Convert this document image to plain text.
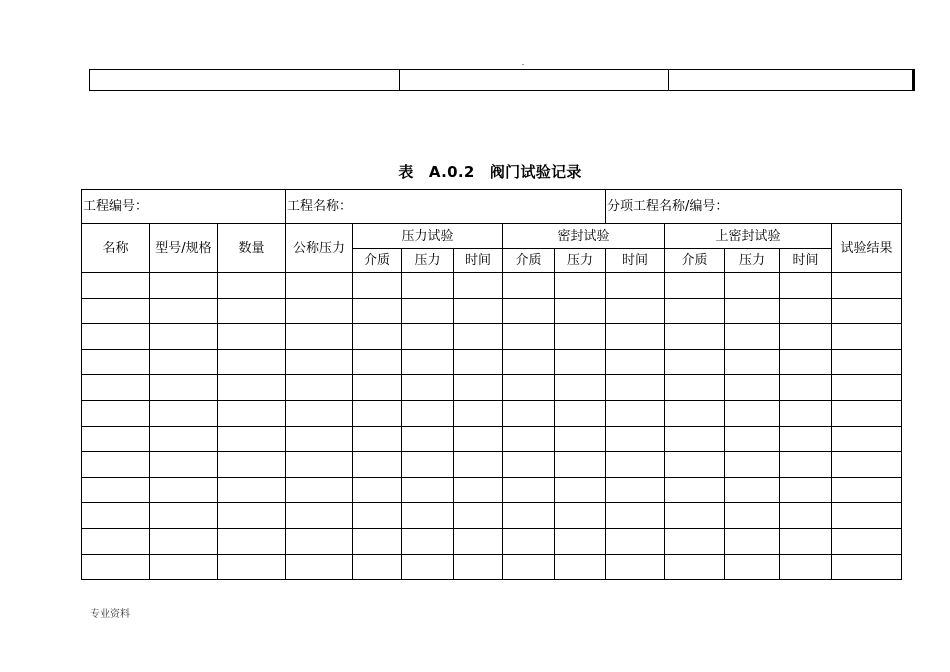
表　A.0.2　阀门试验记录
工程编号：			工程名称：						分项工程名称/编号：				
名称	型号/规格	数量	公称压力	压力试验			密封试验			上密封试验			试验结果
				介质	压力	时间	介质	压力	时间	介质	压力	时间	

专业资料
